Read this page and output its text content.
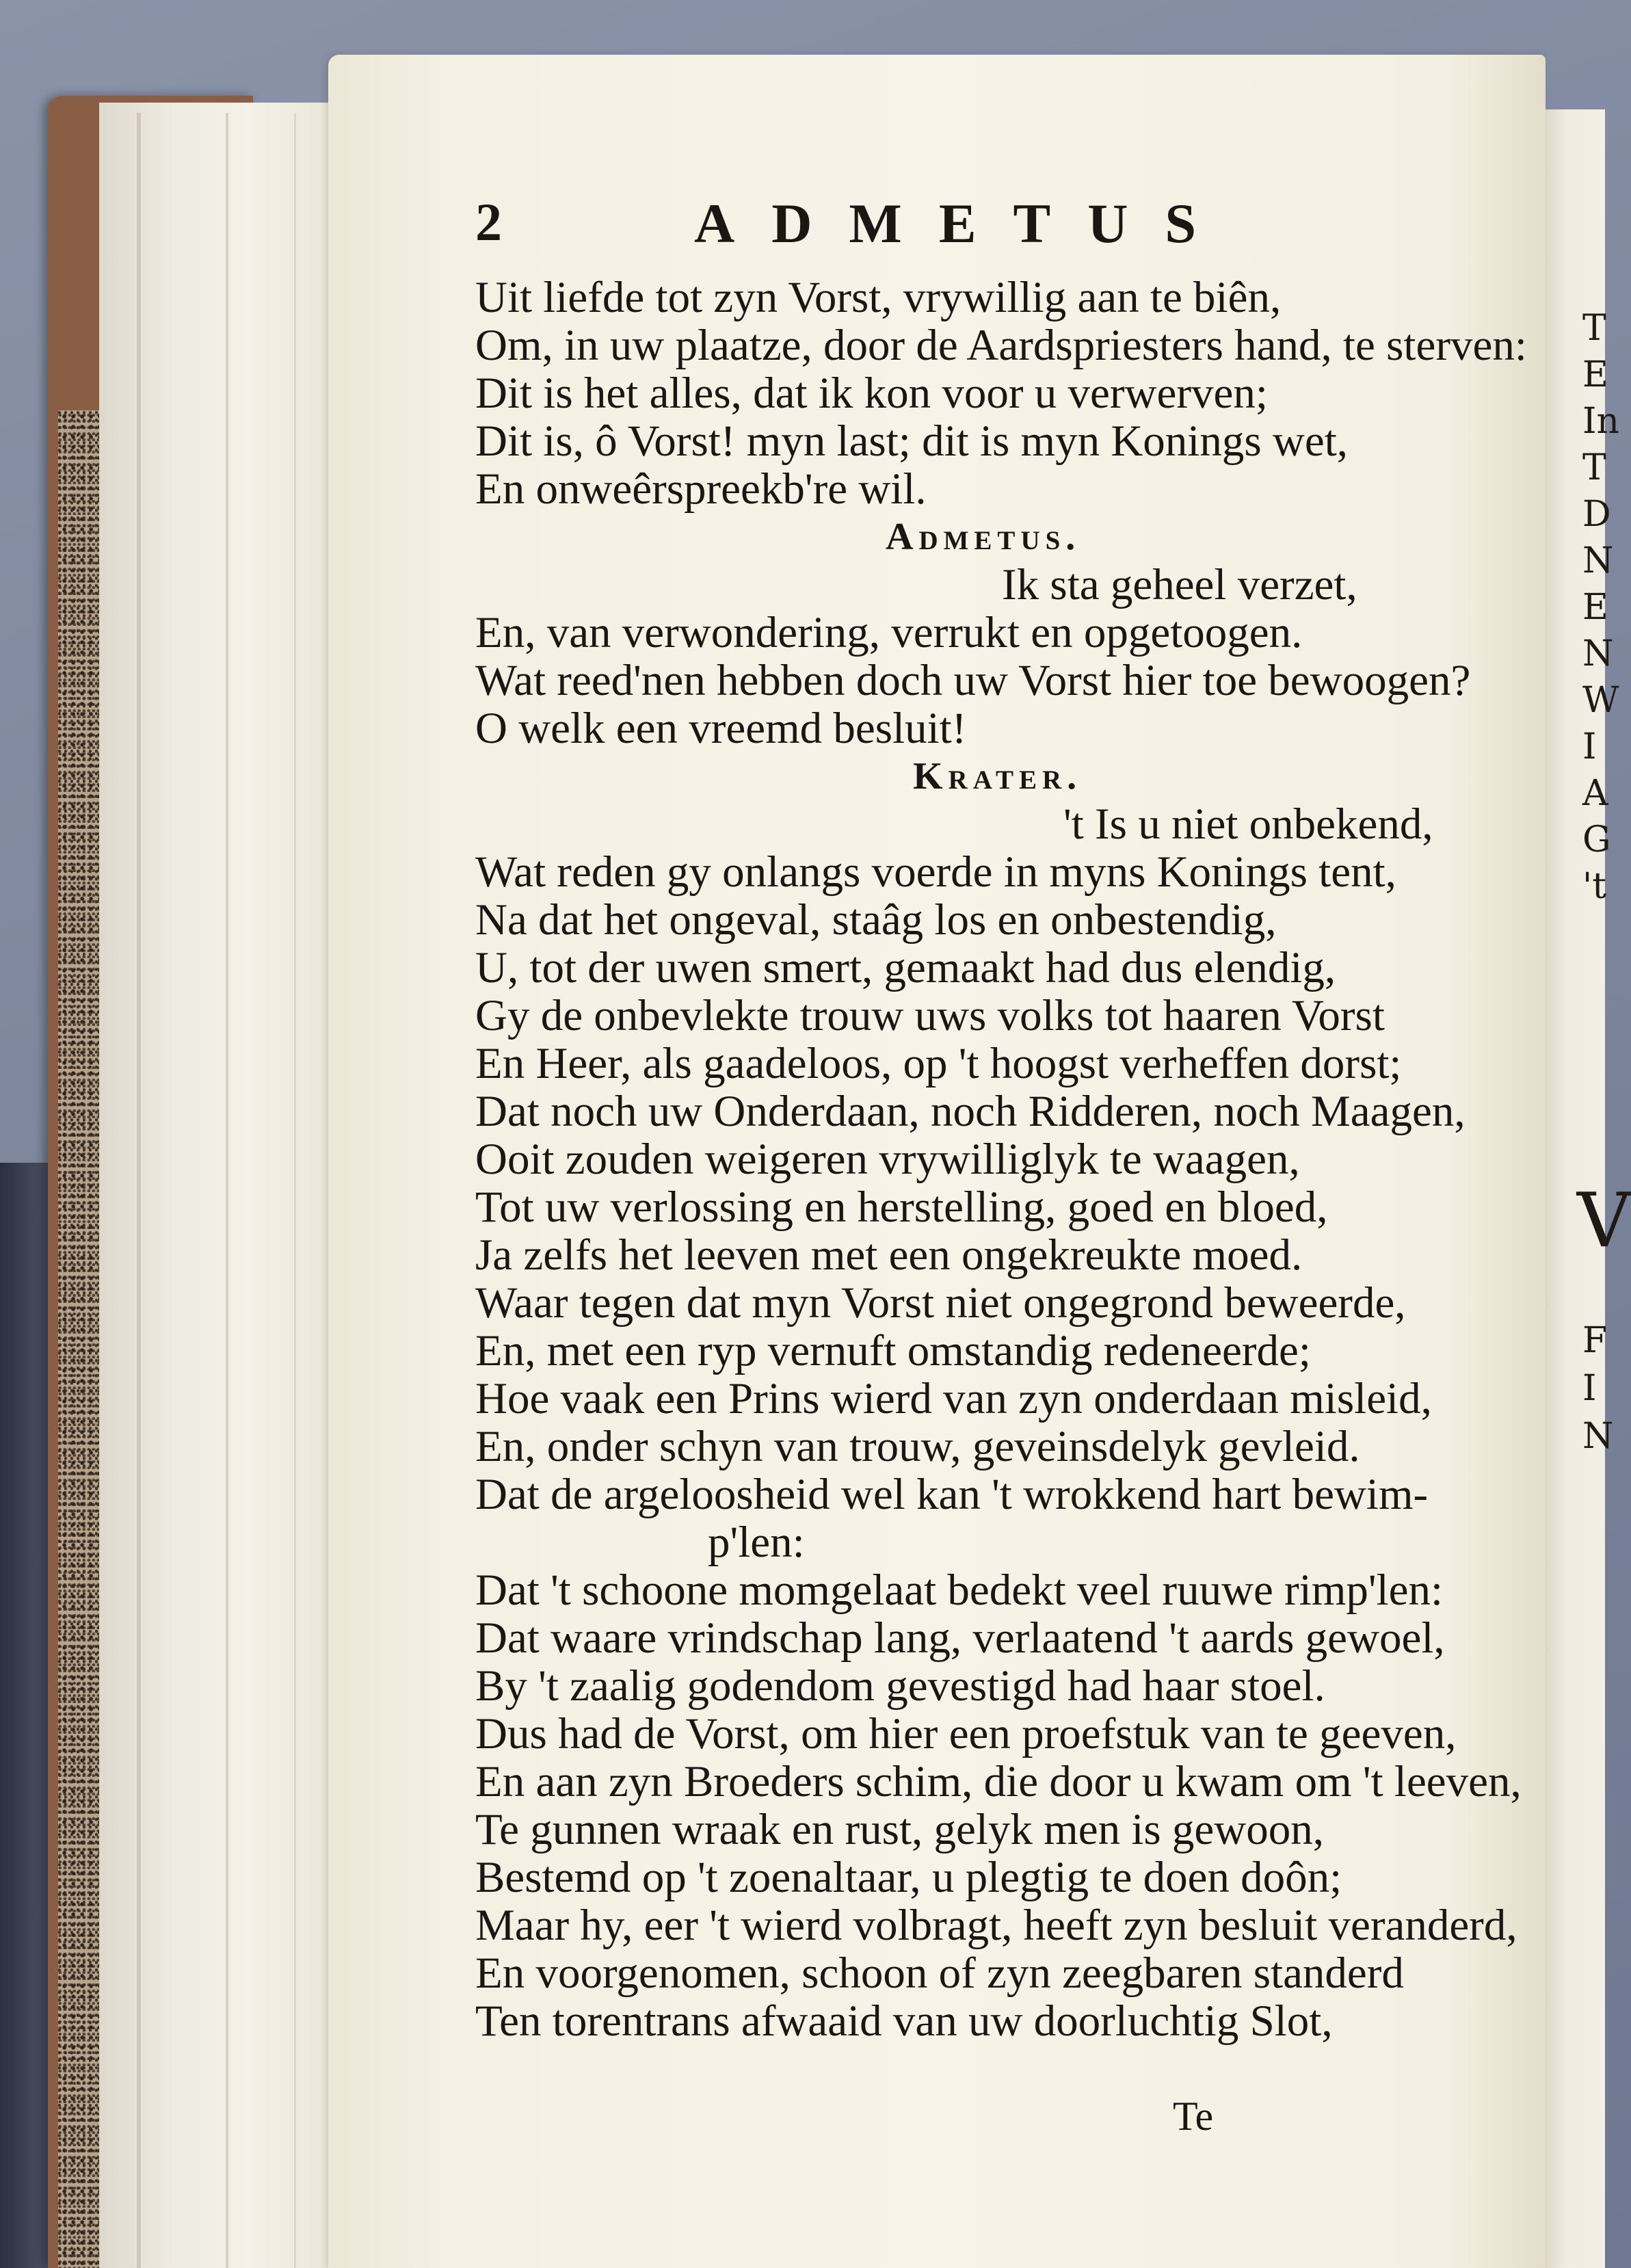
T
E
In
T
D
N
E
N
W
I
A
G
't
V
F
I
N
2	ADMETUS
Uit liefde tot zyn Vorst, vrywillig aan te biên,
Om, in uw plaatze, door de Aardspriesters hand, te sterven:
Dit is het alles, dat ik kon voor u verwerven;
Dit is, ô Vorst! myn last; dit is myn Konings wet,
En onweêrspreekb're wil.
Admetus.
Ik sta geheel verzet,
En, van verwondering, verrukt en opgetoogen.
Wat reed'nen hebben doch uw Vorst hier toe bewoogen?
O welk een vreemd besluit!
Krater.
't Is u niet onbekend,
Wat reden gy onlangs voerde in myns Konings tent,
Na dat het ongeval, staâg los en onbestendig,
U, tot der uwen smert, gemaakt had dus elendig,
Gy de onbevlekte trouw uws volks tot haaren Vorst
En Heer, als gaadeloos, op 't hoogst verheffen dorst;
Dat noch uw Onderdaan, noch Ridderen, noch Maagen,
Ooit zouden weigeren vrywilliglyk te waagen,
Tot uw verlossing en herstelling, goed en bloed,
Ja zelfs het leeven met een ongekreukte moed.
Waar tegen dat myn Vorst niet ongegrond beweerde,
En, met een ryp vernuft omstandig redeneerde;
Hoe vaak een Prins wierd van zyn onderdaan misleid,
En, onder schyn van trouw, geveinsdelyk gevleid.
Dat de argeloosheid wel kan 't wrokkend hart bewim-
p'len:
Dat 't schoone momgelaat bedekt veel ruuwe rimp'len:
Dat waare vrindschap lang, verlaatend 't aards gewoel,
By 't zaalig godendom gevestigd had haar stoel.
Dus had de Vorst, om hier een proefstuk van te geeven,
En aan zyn Broeders schim, die door u kwam om 't leeven,
Te gunnen wraak en rust, gelyk men is gewoon,
Bestemd op 't zoenaltaar, u plegtig te doen doôn;
Maar hy, eer 't wierd volbragt, heeft zyn besluit veranderd,
En voorgenomen, schoon of zyn zeegbaren standerd
Ten torentrans afwaaid van uw doorluchtig Slot,
Te
